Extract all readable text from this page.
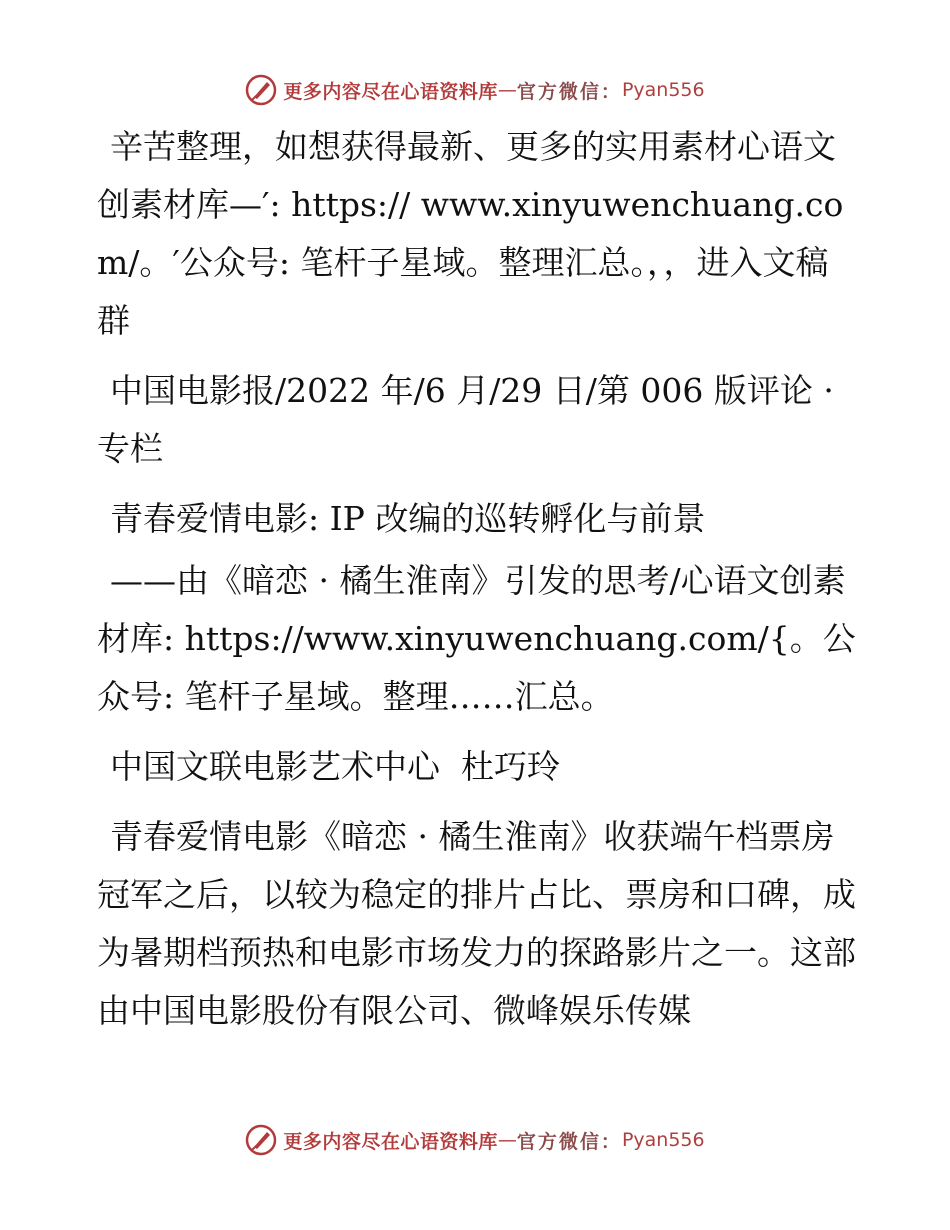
更多内容尽在心语资料库 — 官方微信： Pyan556

辛苦整理，如想获得最新、更多的实用素材心语文创素材库—′: https:// www.xinyuwenchuang.com/。′公众号: 笔杆子星域。整理汇总。，，进入文稿群

中国电影报/2022 年/6 月/29 日/第 006 版评论 · 专栏

青春爱情电影: IP 改编的巡转孵化与前景

——由《暗恋 · 橘生淮南》引发的思考/心语文创素材库: https://www.xinyuwenchuang.com/{。公众号: 笔杆子星域。整理……汇总。

中国文联电影艺术中心  杜巧玲

青春爱情电影《暗恋 · 橘生淮南》收获端午档票房冠军之后，以较为稳定的排片占比、票房和口碑，成为暑期档预热和电影市场发力的探路影片之一。这部由中国电影股份有限公司、微峰娱乐传媒

更多内容尽在心语资料库 — 官方微信： Pyan556
